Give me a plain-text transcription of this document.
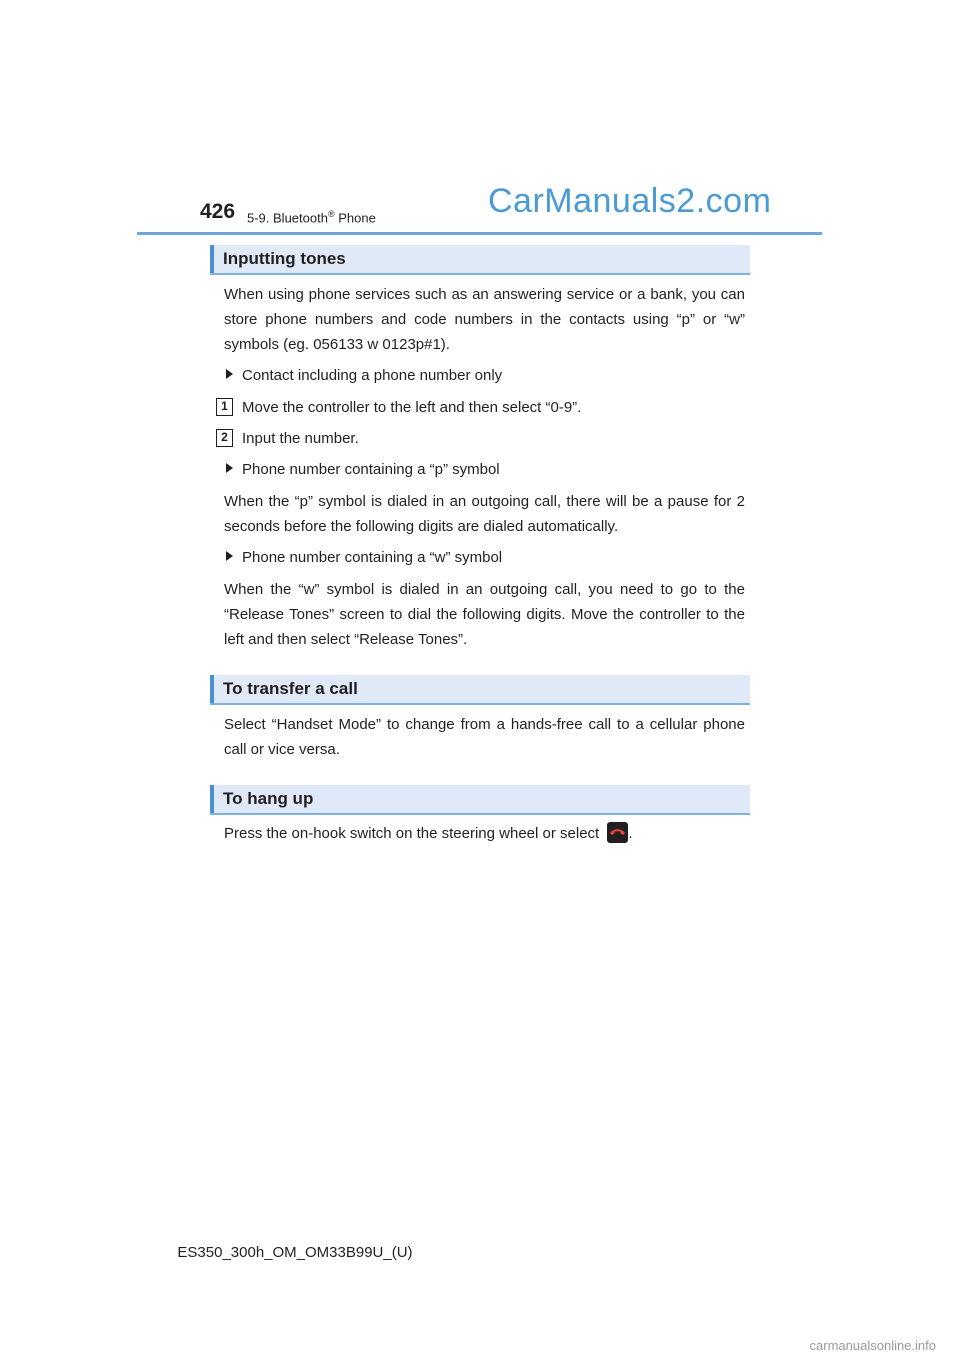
426 5-9. Bluetooth® Phone	CarManuals2.com
Inputting tones
When using phone services such as an answering service or a bank, you can store phone numbers and code numbers in the contacts using “p” or “w” symbols (eg. 056133 w 0123p#1).
Contact including a phone number only
1 Move the controller to the left and then select “0-9”.
2 Input the number.
Phone number containing a “p” symbol
When the “p” symbol is dialed in an outgoing call, there will be a pause for 2 seconds before the following digits are dialed automatically.
Phone number containing a “w” symbol
When the “w” symbol is dialed in an outgoing call, you need to go to the “Release Tones” screen to dial the following digits. Move the controller to the left and then select “Release Tones”.
To transfer a call
Select “Handset Mode” to change from a hands-free call to a cellular phone call or vice versa.
To hang up
Press the on-hook switch on the steering wheel or select .
ES350_300h_OM_OM33B99U_(U)
carmanualsonline.info
